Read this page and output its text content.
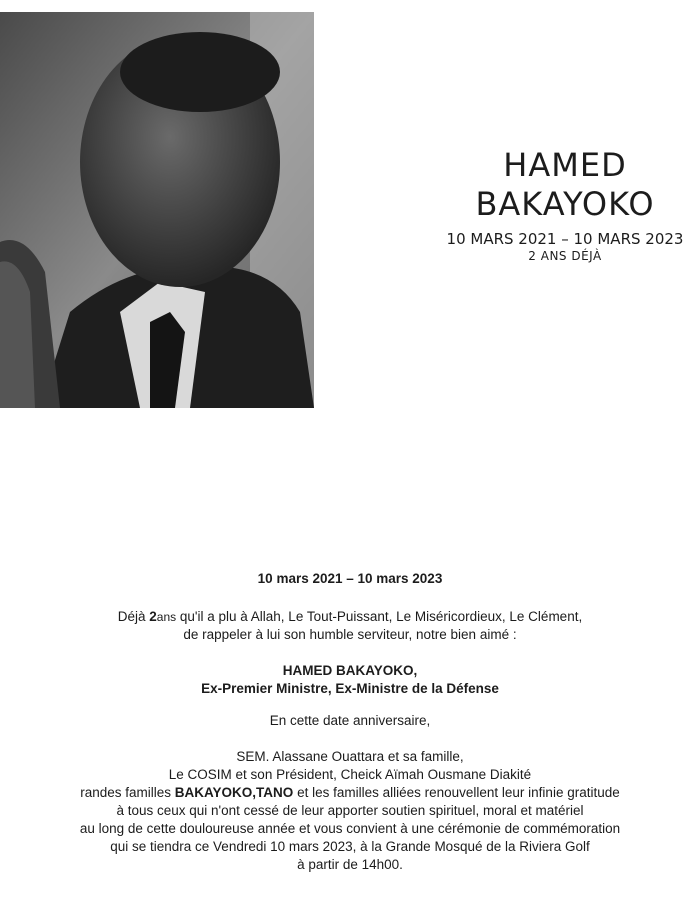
HAMED
BAKAYOKO
10 MARS 2021 – 10 MARS 2023
2 ANS DÉJÀ

10 mars 2021 – 10 mars 2023

Déjà 2ans qu'il a plu à Allah, Le Tout-Puissant, Le Miséricordieux, Le Clément,

de rappeler à lui son humble serviteur, notre bien aimé :

HAMED BAKAYOKO,

Ex-Premier Ministre, Ex-Ministre de la Défense

En cette date anniversaire,

SEM. Alassane Ouattara et sa famille,

Le COSIM et son Président, Cheick Aïmah Ousmane Diakité

randes familles BAKAYOKO,TANO et les familles alliées renouvellent leur infinie gratitude

à tous ceux qui n'ont cessé de leur apporter soutien spirituel, moral et matériel

au long de cette douloureuse année et vous convient à une cérémonie de commémoration

qui se tiendra ce Vendredi 10 mars 2023, à la Grande Mosqué de la Riviera Golf

à partir de 14h00.
